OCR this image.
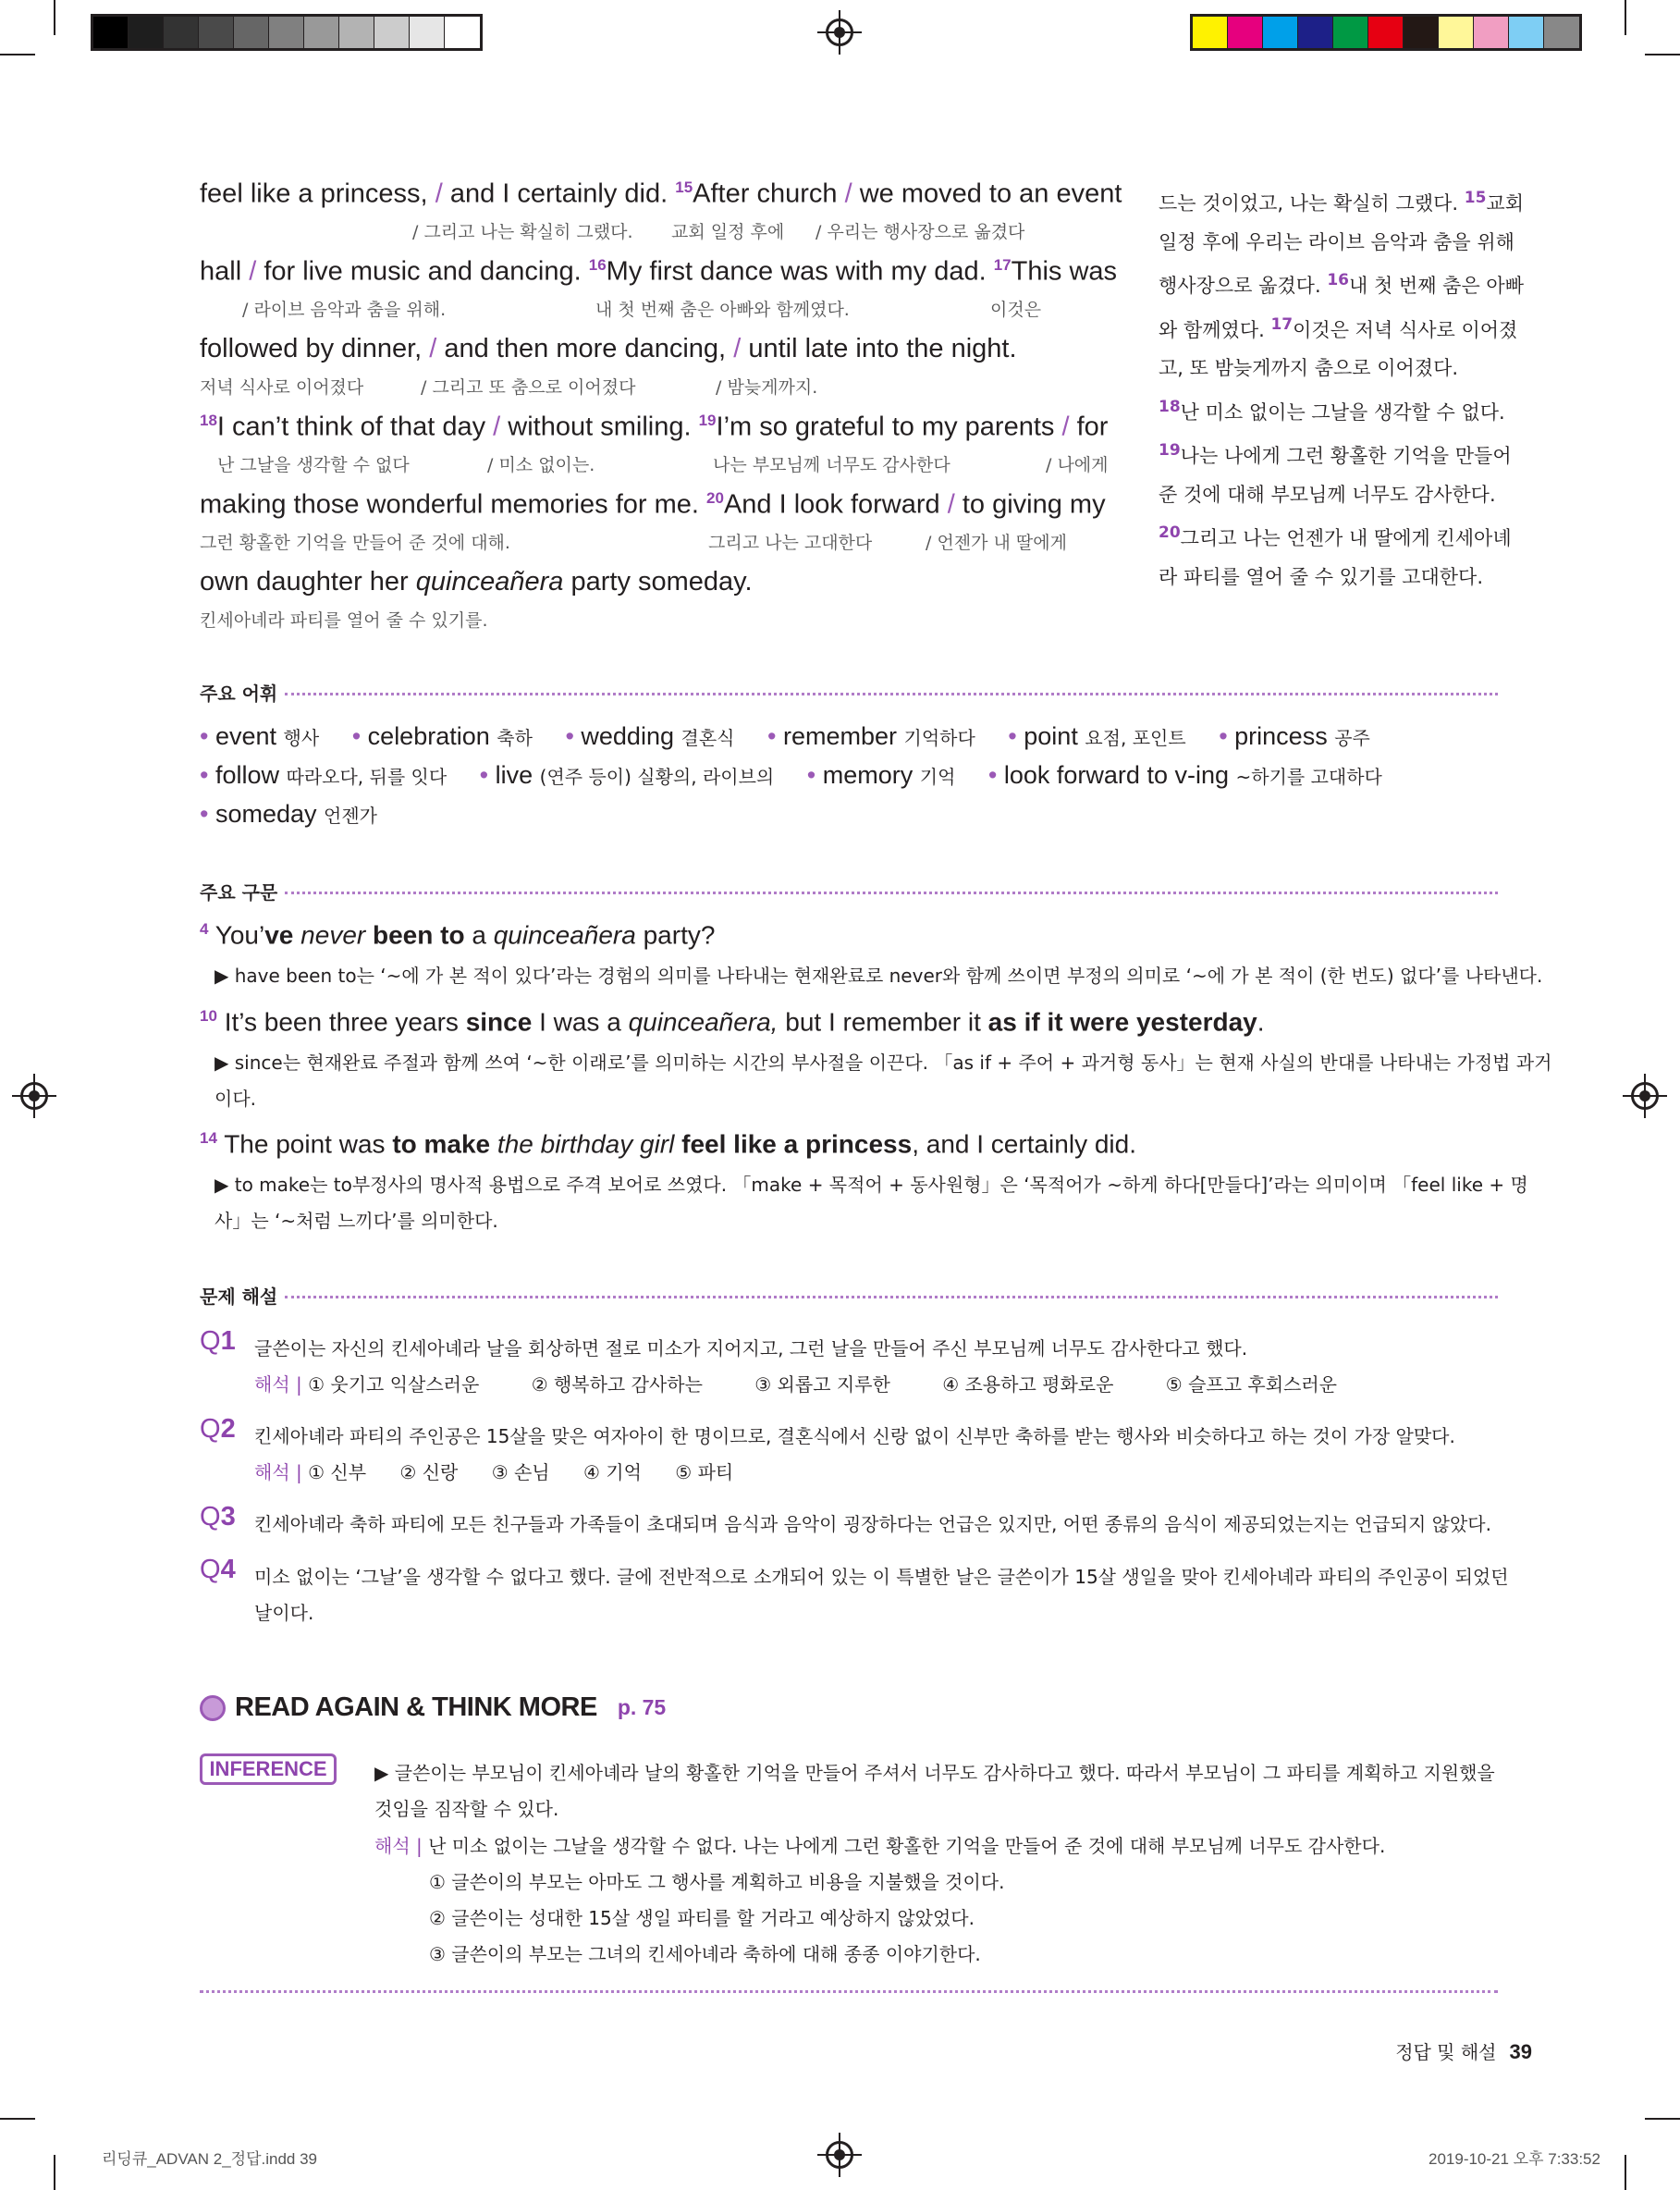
feel like a princess, / and I certainly did. $^{15}$After church / we moved to an event
/ 그리고 나는 확실히 그랬다. 교회 일정 후에 / 우리는 행사장으로 옮겼다
hall / for live music and dancing. $^{16}$My first dance was with my dad. $^{17}$This was
/ 라이브 음악과 춤을 위해.	내 첫 번째 춤은 아빠와 함께였다.	이것은
followed by dinner, / and then more dancing, / until late into the night.
저녁 식사로 이어졌다	/ 그리고 또 춤으로 이어졌다	/ 밤늦게까지.
$^{18}$I can’t think of that day / without smiling. $^{19}$I’m so grateful to my parents / for
난 그날을 생각할 수 없다	/ 미소 없이는.	나는 부모님께 너무도 감사한다	/ 나에게
making those wonderful memories for me. $^{20}$And I look forward / to giving my
그런 황홀한 기억을 만들어 준 것에 대해.	그리고 나는 고대한다	/ 언젠가 내 딸에게
own daughter her quinceañera party someday.
킨세아녜라 파티를 열어 줄 수 있기를.
드는 것이었고, 나는 확실히 그랬다. $^{15}$교회
일정 후에 우리는 라이브 음악과 춤을 위해
행사장으로 옮겼다. $^{16}$내 첫 번째 춤은 아빠
와 함께였다. $^{17}$이것은 저녁 식사로 이어졌
고, 또 밤늦게까지 춤으로 이어졌다.
$^{18}$난 미소 없이는 그날을 생각할 수 없다.
$^{19}$나는 나에게 그런 황홀한 기억을 만들어
준 것에 대해 부모님께 너무도 감사한다.
$^{20}$그리고 나는 언젠가 내 딸에게 킨세아녜
라 파티를 열어 줄 수 있기를 고대한다.
주요 어휘
• event 행사 • celebration 축하 • wedding 결혼식 • remember 기억하다 • point 요점, 포인트 • princess 공주
• follow 따라오다, 뒤를 잇다 • live (연주 등이) 실황의, 라이브의 • memory 기억 • look forward to v-ing ~하기를 고대하다
• someday 언젠가
주요 구문
$^4$ You’ve never been to a quinceañera party?
▶ have been to는 ‘~에 가 본 적이 있다’라는 경험의 의미를 나타내는 현재완료로 never와 함께 쓰이면 부정의 의미로 ‘~에 가 본 적이 (한 번도) 없다’를 나타낸다.
$^{10}$ It’s been three years since I was a quinceañera, but I remember it as if it were yesterday.
▶ since는 현재완료 주절과 함께 쓰여 ‘~한 이래로’를 의미하는 시간의 부사절을 이끈다. 「as if + 주어 + 과거형 동사」는 현재 사실의 반대를 나타내는 가정법 과거
이다.
$^{14}$ The point was to make the birthday girl feel like a princess, and I certainly did.
▶ to make는 to부정사의 명사적 용법으로 주격 보어로 쓰였다. 「make + 목적어 + 동사원형」은 ‘목적어가 ~하게 하다[만들다]’라는 의미이며 「feel like + 명
사」는 ‘~처럼 느끼다’를 의미한다.
문제 해설
Q1 글쓴이는 자신의 킨세아녜라 날을 회상하면 절로 미소가 지어지고, 그런 날을 만들어 주신 부모님께 너무도 감사한다고 했다.
해석 | ① 웃기고 익살스러운	② 행복하고 감사하는	③ 외롭고 지루한	④ 조용하고 평화로운	⑤ 슬프고 후회스러운
Q2 킨세아녜라 파티의 주인공은 15살을 맞은 여자아이 한 명이므로, 결혼식에서 신랑 없이 신부만 축하를 받는 행사와 비슷하다고 하는 것이 가장 알맞다.
해석 | ① 신부 ② 신랑 ③ 손님 ④ 기억 ⑤ 파티
Q3 킨세아녜라 축하 파티에 모든 친구들과 가족들이 초대되며 음식과 음악이 굉장하다는 언급은 있지만, 어떤 종류의 음식이 제공되었는지는 언급되지 않았다.
Q4 미소 없이는 ‘그날’을 생각할 수 없다고 했다. 글에 전반적으로 소개되어 있는 이 특별한 날은 글쓴이가 15살 생일을 맞아 킨세아녜라 파티의 주인공이 되었던
날이다.
READ AGAIN & THINK MORE p. 75
INFERENCE	▶ 글쓴이는 부모님이 킨세아녜라 날의 황홀한 기억을 만들어 주셔서 너무도 감사하다고 했다. 따라서 부모님이 그 파티를 계획하고 지원했을
것임을 짐작할 수 있다.
해석 | 난 미소 없이는 그날을 생각할 수 없다. 나는 나에게 그런 황홀한 기억을 만들어 준 것에 대해 부모님께 너무도 감사한다.
① 글쓴이의 부모는 아마도 그 행사를 계획하고 비용을 지불했을 것이다.
② 글쓴이는 성대한 15살 생일 파티를 할 거라고 예상하지 않았었다.
③ 글쓴이의 부모는 그녀의 킨세아녜라 축하에 대해 종종 이야기한다.
정답 및 해설 39
리딩큐_ADVAN 2_정답.indd 39	2019-10-21 오후 7:33:52
